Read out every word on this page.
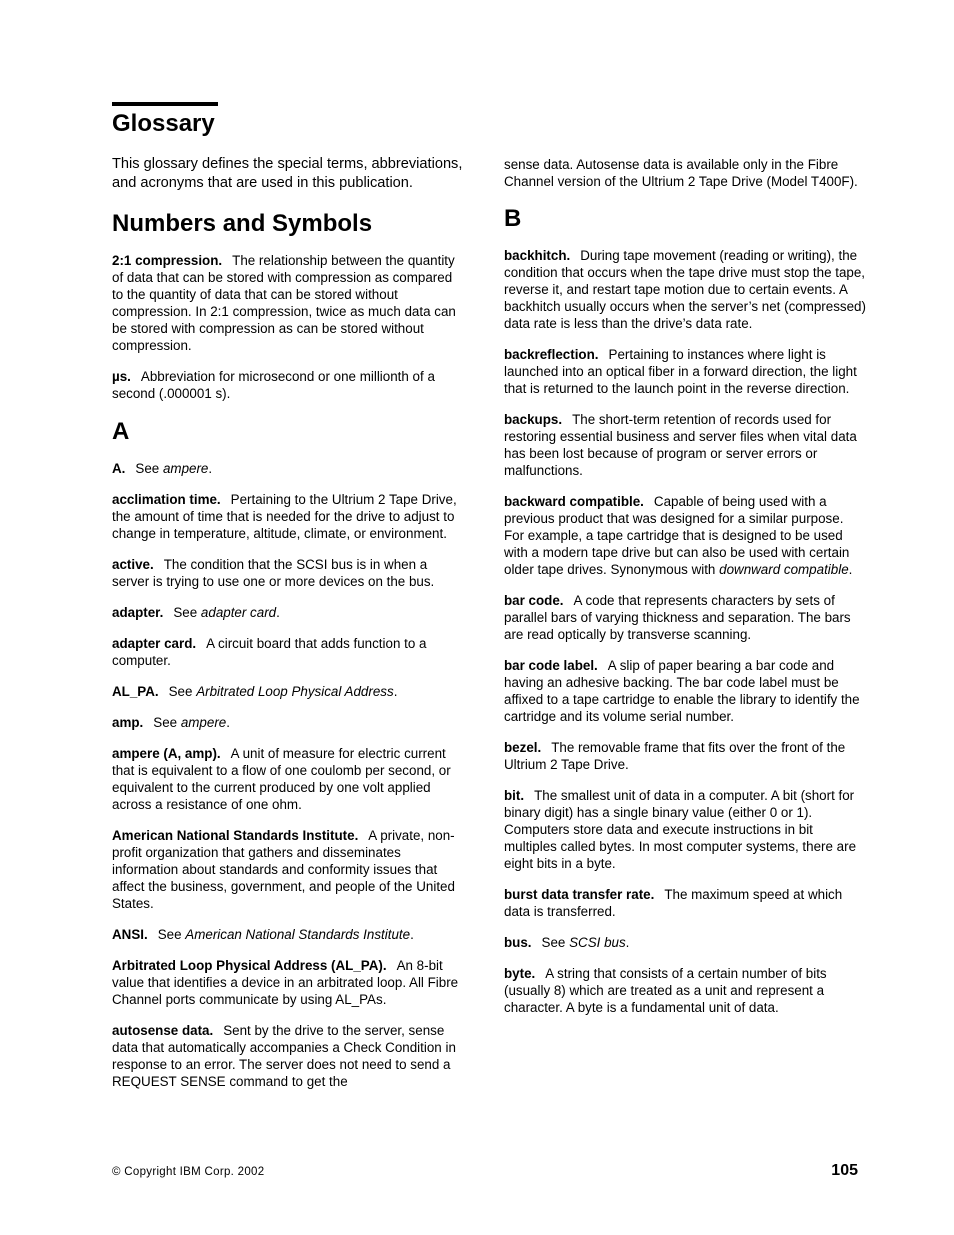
Glossary

This glossary defines the special terms, abbreviations, and acronyms that are used in this publication.

Numbers and Symbols

2:1 compression. The relationship between the quantity of data that can be stored with compression as compared to the quantity of data that can be stored without compression. In 2:1 compression, twice as much data can be stored with compression as can be stored without compression.

µs. Abbreviation for microsecond or one millionth of a second (.000001 s).

A

A. See ampere.

acclimation time. Pertaining to the Ultrium 2 Tape Drive, the amount of time that is needed for the drive to adjust to change in temperature, altitude, climate, or environment.

active. The condition that the SCSI bus is in when a server is trying to use one or more devices on the bus.

adapter. See adapter card.

adapter card. A circuit board that adds function to a computer.

AL_PA. See Arbitrated Loop Physical Address.

amp. See ampere.

ampere (A, amp). A unit of measure for electric current that is equivalent to a flow of one coulomb per second, or equivalent to the current produced by one volt applied across a resistance of one ohm.

American National Standards Institute. A private, non-profit organization that gathers and disseminates information about standards and conformity issues that affect the business, government, and people of the United States.

ANSI. See American National Standards Institute.

Arbitrated Loop Physical Address (AL_PA). An 8-bit value that identifies a device in an arbitrated loop. All Fibre Channel ports communicate by using AL_PAs.

autosense data. Sent by the drive to the server, sense data that automatically accompanies a Check Condition in response to an error. The server does not need to send a REQUEST SENSE command to get the

sense data. Autosense data is available only in the Fibre Channel version of the Ultrium 2 Tape Drive (Model T400F).

B

backhitch. During tape movement (reading or writing), the condition that occurs when the tape drive must stop the tape, reverse it, and restart tape motion due to certain events. A backhitch usually occurs when the server’s net (compressed) data rate is less than the drive’s data rate.

backreflection. Pertaining to instances where light is launched into an optical fiber in a forward direction, the light that is returned to the launch point in the reverse direction.

backups. The short-term retention of records used for restoring essential business and server files when vital data has been lost because of program or server errors or malfunctions.

backward compatible. Capable of being used with a previous product that was designed for a similar purpose. For example, a tape cartridge that is designed to be used with a modern tape drive but can also be used with certain older tape drives. Synonymous with downward compatible.

bar code. A code that represents characters by sets of parallel bars of varying thickness and separation. The bars are read optically by transverse scanning.

bar code label. A slip of paper bearing a bar code and having an adhesive backing. The bar code label must be affixed to a tape cartridge to enable the library to identify the cartridge and its volume serial number.

bezel. The removable frame that fits over the front of the Ultrium 2 Tape Drive.

bit. The smallest unit of data in a computer. A bit (short for binary digit) has a single binary value (either 0 or 1). Computers store data and execute instructions in bit multiples called bytes. In most computer systems, there are eight bits in a byte.

burst data transfer rate. The maximum speed at which data is transferred.

bus. See SCSI bus.

byte. A string that consists of a certain number of bits (usually 8) which are treated as a unit and represent a character. A byte is a fundamental unit of data.

© Copyright IBM Corp. 2002	105
